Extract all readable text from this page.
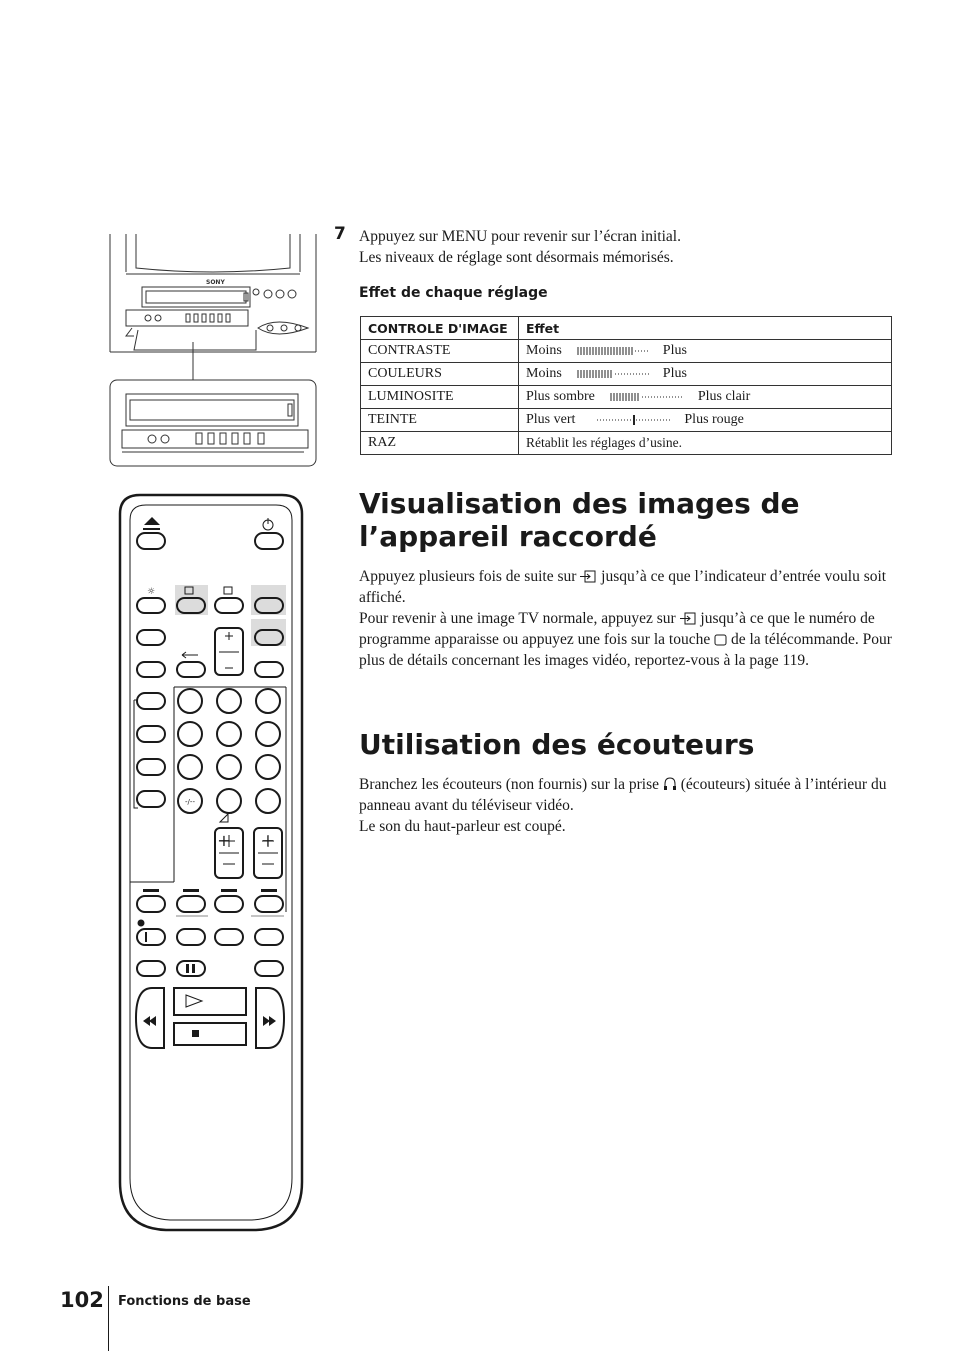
SONY
7 Appuyez sur MENU pour revenir sur l’écran initial.
Les niveaux de réglage sont désormais mémorisés.
Effet de chaque réglage
CONTROLE D'IMAGE	Effet
CONTRASTE	Moins Plus
COULEURS	Moins Plus
LUMINOSITE	Plus sombre Plus clair
TEINTE	Plus vert Plus rouge
RAZ	Rétablit les réglages d’usine.
☼
+ +
-/--
Visualisation des images de
l’appareil raccordé
Appuyez plusieurs fois de suite sur jusqu’à ce que l’indicateur d’entrée voulu soit affiché.
Pour revenir à une image TV normale, appuyez sur jusqu’à ce que le numéro de programme apparaisse ou appuyez une fois sur la touche de la télécommande. Pour plus de détails concernant les images vidéo, reportez-vous à la page 119.
Utilisation des écouteurs
Branchez les écouteurs (non fournis) sur la prise (écouteurs) située à l’intérieur du panneau avant du téléviseur vidéo.
Le son du haut-parleur est coupé.
102 Fonctions de base
